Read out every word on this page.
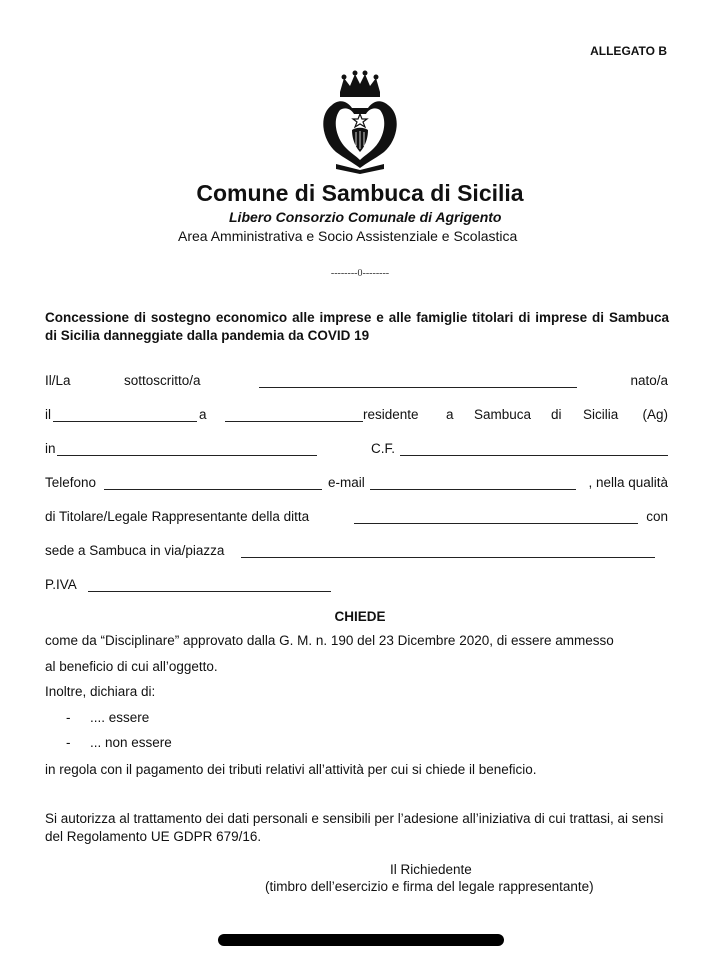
ALLEGATO B
Comune di Sambuca di Sicilia
Libero Consorzio Comunale di Agrigento
Area Amministrativa e Socio Assistenziale e Scolastica
--------0--------
Concessione di sostegno economico alle imprese e alle famiglie titolari di imprese di Sambuca di Sicilia danneggiate dalla pandemia da COVID 19
Il/La	sottoscritto/a	nato/a
il	a	residente a Sambuca di Sicilia (Ag)
in	C.F.
Telefono	e-mail	, nella qualità
di Titolare/Legale Rappresentante della ditta	con
sede a Sambuca in via/piazza
P.IVA
CHIEDE
come da “Disciplinare” approvato dalla G. M. n. 190 del 23 Dicembre 2020, di essere ammesso
al beneficio di cui all’oggetto.
Inoltre, dichiara di:
- .... essere
- ... non essere
in regola con il pagamento dei tributi relativi all’attività per cui si chiede il beneficio.
Si autorizza al trattamento dei dati personali e sensibili per l’adesione all’iniziativa di cui trattasi, ai sensi del Regolamento UE GDPR 679/16.
Il Richiedente
(timbro dell’esercizio e firma del legale rappresentante)
